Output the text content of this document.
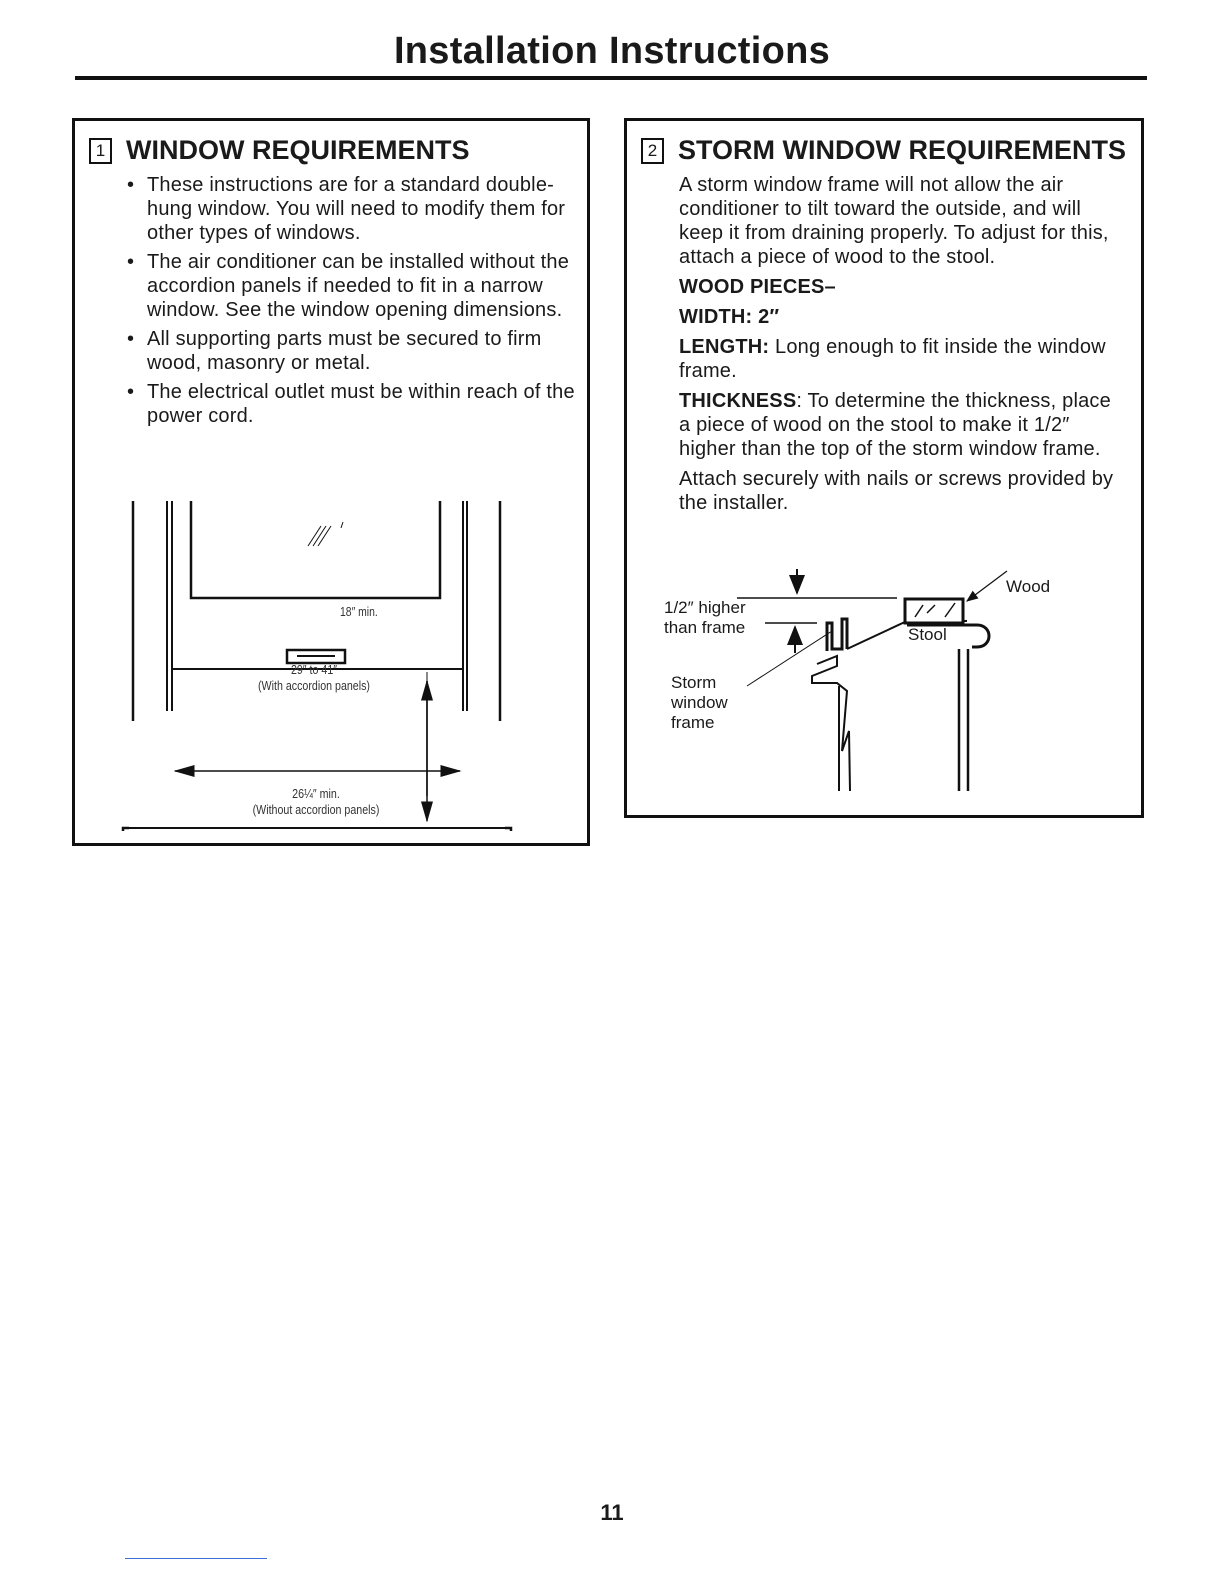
Installation Instructions
1 WINDOW REQUIREMENTS
• These instructions are for a standard double-hung window. You will need to modify them for other types of windows.
• The air conditioner can be installed without the accordion panels if needed to fit in a narrow window. See the window opening dimensions.
• All supporting parts must be secured to firm wood, masonry or metal.
• The electrical outlet must be within reach of the power cord.
18″ min.
29″ to 41″
(With accordion panels)
26¼″ min.
(Without accordion panels)
2 STORM WINDOW REQUIREMENTS

A storm window frame will not allow the air conditioner to tilt toward the outside, and will keep it from draining properly. To adjust for this, attach a piece of wood to the stool.

WOOD PIECES–

WIDTH: 2″

LENGTH: Long enough to fit inside the window frame.

THICKNESS: To determine the thickness, place a piece of wood on the stool to make it 1/2″ higher than the top of the storm window frame.

Attach securely with nails or screws provided by the installer.

Wood
Stool
1/2″ higher
than frame
Storm
window
frame
11
